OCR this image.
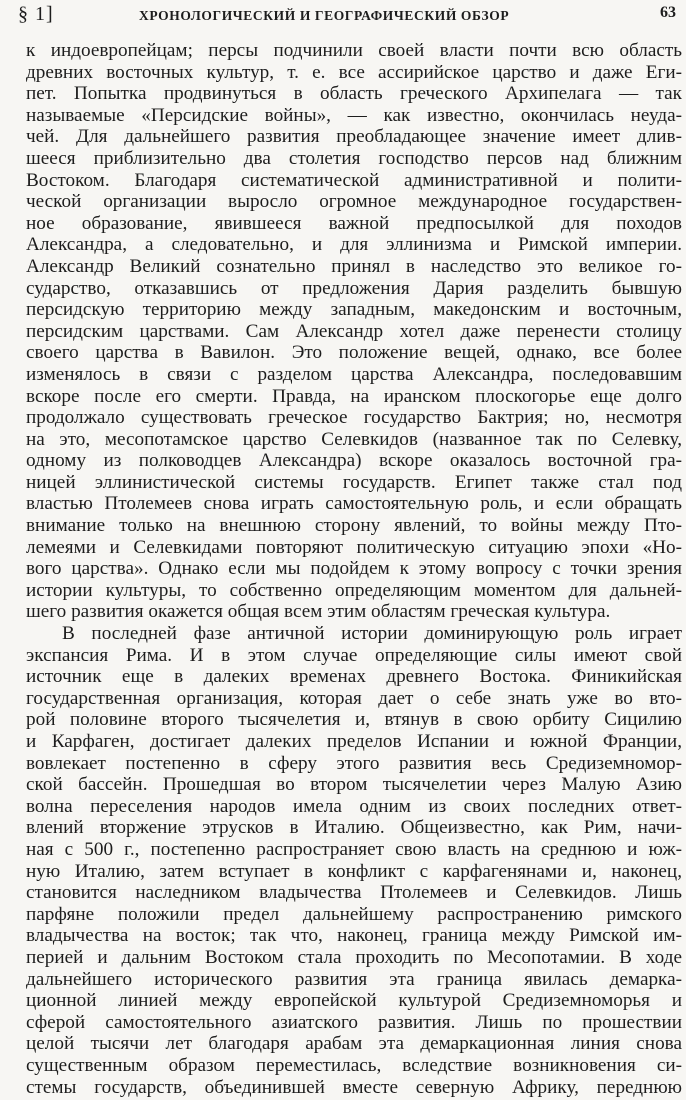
§ 1]	ХРОНОЛОГИЧЕСКИЙ И ГЕОГРАФИЧЕСКИЙ ОБЗОР	63
к индоевропейцам; персы подчинили своей власти почти всю область
древних восточных культур, т. е. все ассирийское царство и даже Еги-
пет. Попытка продвинуться в область греческого Архипелага — так
называемые «Персидские войны», — как известно, окончилась неуда-
чей. Для дальнейшего развития преобладающее значение имеет длив-
шееся приблизительно два столетия господство персов над ближним
Востоком. Благодаря систематической административной и полити-
ческой организации выросло огромное международное государствен-
ное образование, явившееся важной предпосылкой для походов
Александра, а следовательно, и для эллинизма и Римской империи.
Александр Великий сознательно принял в наследство это великое го-
сударство, отказавшись от предложения Дария разделить бывшую
персидскую территорию между западным, македонским и восточным,
персидским царствами. Сам Александр хотел даже перенести столицу
своего царства в Вавилон. Это положение вещей, однако, все более
изменялось в связи с разделом царства Александра, последовавшим
вскоре после его смерти. Правда, на иранском плоскогорье еще долго
продолжало существовать греческое государство Бактрия; но, несмотря
на это, месопотамское царство Селевкидов (названное так по Селевку,
одному из полководцев Александра) вскоре оказалось восточной гра-
ницей эллинистической системы государств. Египет также стал под
властью Птолемеев снова играть самостоятельную роль, и если обращать
внимание только на внешнюю сторону явлений, то войны между Пто-
лемеями и Селевкидами повторяют политическую ситуацию эпохи «Но-
вого царства». Однако если мы подойдем к этому вопросу с точки зрения
истории культуры, то собственно определяющим моментом для дальней-
шего развития окажется общая всем этим областям греческая культура.
В последней фазе античной истории доминирующую роль играет
экспансия Рима. И в этом случае определяющие силы имеют свой
источник еще в далеких временах древнего Востока. Финикийская
государственная организация, которая дает о себе знать уже во вто-
рой половине второго тысячелетия и, втянув в свою орбиту Сицилию
и Карфаген, достигает далеких пределов Испании и южной Франции,
вовлекает постепенно в сферу этого развития весь Средиземномор-
ской бассейн. Прошедшая во втором тысячелетии через Малую Азию
волна переселения народов имела одним из своих последних ответ-
влений вторжение этрусков в Италию. Общеизвестно, как Рим, начи-
ная с 500 г., постепенно распространяет свою власть на среднюю и юж-
ную Италию, затем вступает в конфликт с карфагенянами и, наконец,
становится наследником владычества Птолемеев и Селевкидов. Лишь
парфяне положили предел дальнейшему распространению римского
владычества на восток; так что, наконец, граница между Римской им-
перией и дальним Востоком стала проходить по Месопотамии. В ходе
дальнейшего исторического развития эта граница явилась демарка-
ционной линией между европейской культурой Средиземноморья и
сферой самостоятельного азиатского развития. Лишь по прошествии
целой тысячи лет благодаря арабам эта демаркационная линия снова
существенным образом переместилась, вследствие возникновения си-
стемы государств, объединившей вместе северную Африку, переднюю
